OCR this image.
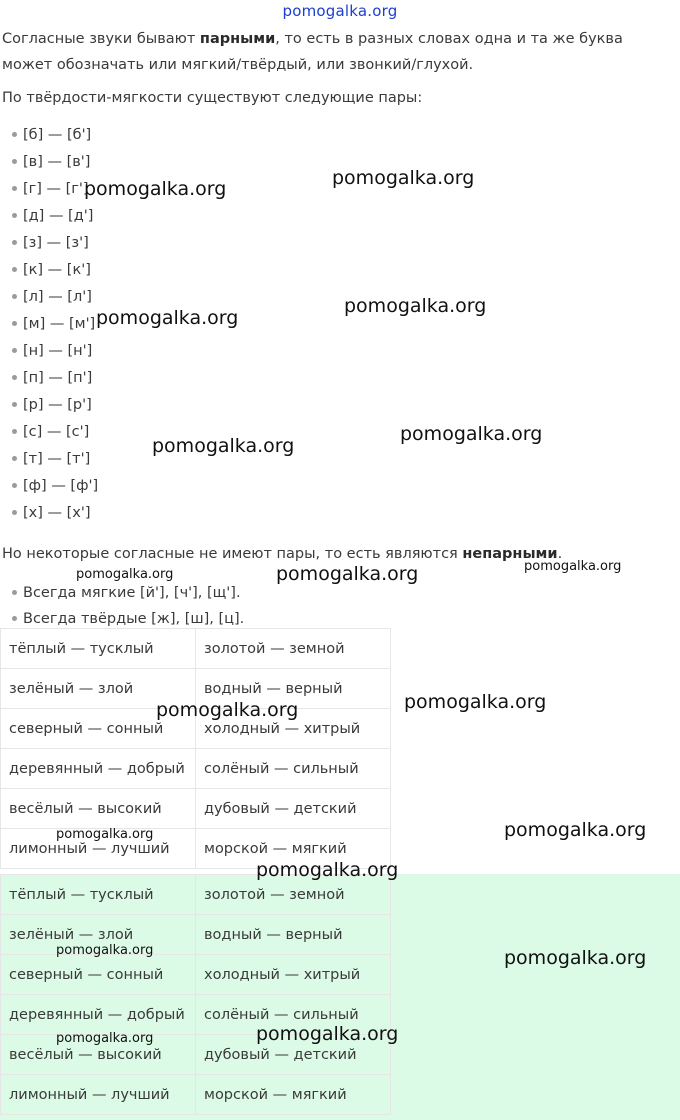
pomogalka.org

Согласные звуки бывают парными, то есть в разных словах одна и та же буква может обозначать или мягкий/твёрдый, или звонкий/глухой.

По твёрдости-мягкости существуют следующие пары:

[б] — [б']
[в] — [в']
[г] — [г']
[д] — [д']
[з] — [з']
[к] — [к']
[л] — [л']
[м] — [м']
[н] — [н']
[п] — [п']
[р] — [р']
[с] — [с']
[т] — [т']
[ф] — [ф']
[х] — [х']

Но некоторые согласные не имеют пары, то есть являются непарными.

Всегда мягкие [й'], [ч'], [щ'].
Всегда твёрдые [ж], [ш], [ц].
тёплый — тусклый	золотой — земной
зелёный — злой	водный — верный
северный — сонный	холодный — хитрый
деревянный — добрый	солёный — сильный
весёлый — высокий	дубовый — детский
лимонный — лучший	морской — мягкий
тёплый — тусклый	золотой — земной
зелёный — злой	водный — верный
северный — сонный	холодный — хитрый
деревянный — добрый	солёный — сильный
весёлый — высокий	дубовый — детский
лимонный — лучший	морской — мягкий
pomogalka.org	pomogalka.org
pomogalka.org
pomogalka.org
pomogalka.org
pomogalka.org
pomogalka.org	pomogalka.org	pomogalka.org
pomogalka.org	pomogalka.org
pomogalka.org	pomogalka.org
pomogalka.org
pomogalka.org	pomogalka.org
pomogalka.org	pomogalka.org
